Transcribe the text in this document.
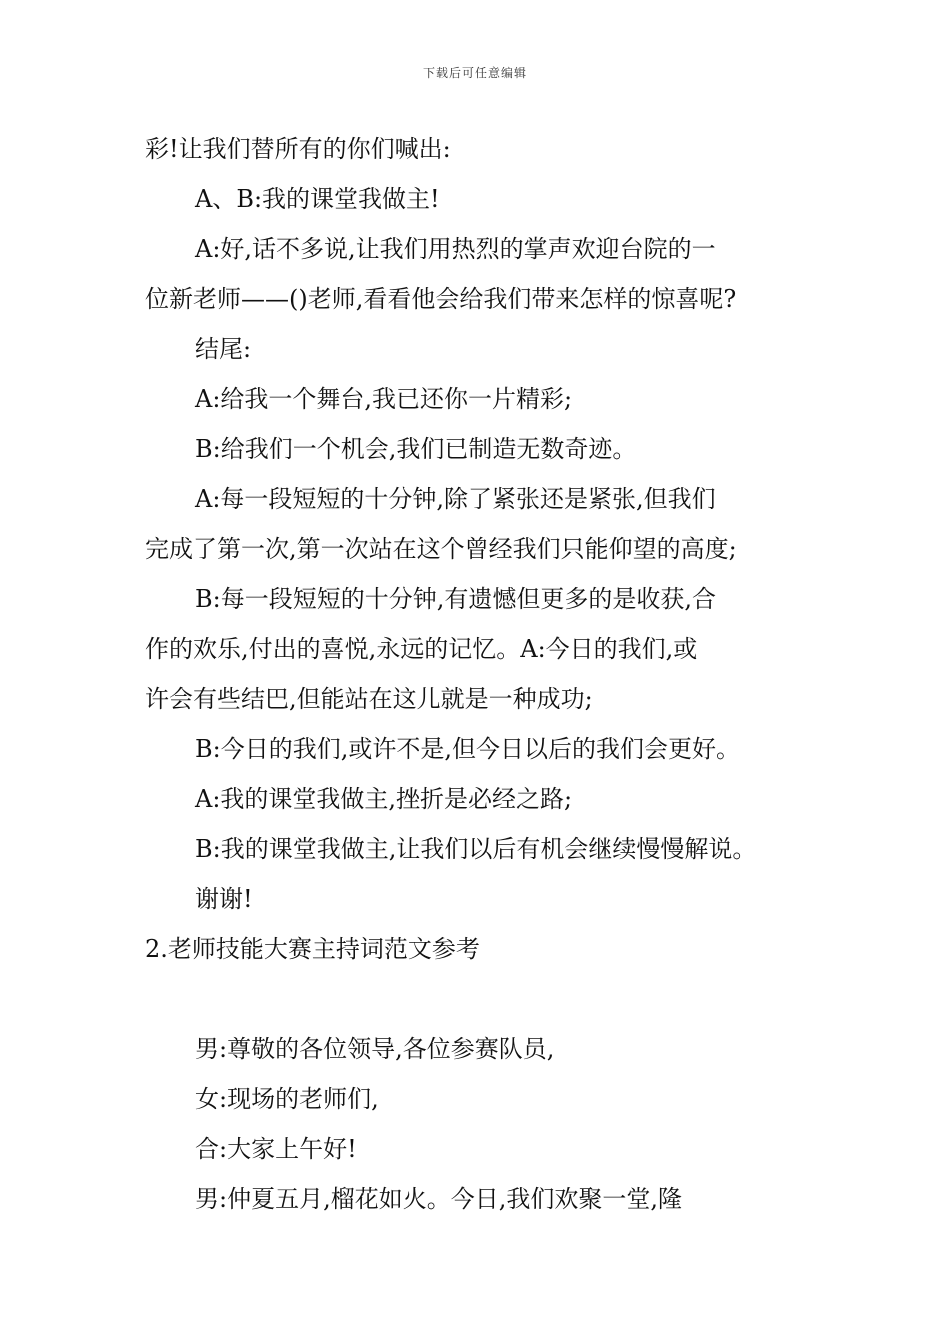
下载后可任意编辑
彩!让我们替所有的你们喊出:
A、B:我的课堂我做主!
A:好,话不多说,让我们用热烈的掌声欢迎台院的一
位新老师——()老师,看看他会给我们带来怎样的惊喜呢?
结尾:
A:给我一个舞台,我已还你一片精彩;
B:给我们一个机会,我们已制造无数奇迹。
A:每一段短短的十分钟,除了紧张还是紧张,但我们
完成了第一次,第一次站在这个曾经我们只能仰望的高度;
B:每一段短短的十分钟,有遗憾但更多的是收获,合
作的欢乐,付出的喜悦,永远的记忆。A:今日的我们,或
许会有些结巴,但能站在这儿就是一种成功;
B:今日的我们,或许不是,但今日以后的我们会更好。
A:我的课堂我做主,挫折是必经之路;
B:我的课堂我做主,让我们以后有机会继续慢慢解说。
谢谢!
2.老师技能大赛主持词范文参考
男:尊敬的各位领导,各位参赛队员,
女:现场的老师们,
合:大家上午好!
男:仲夏五月,榴花如火。今日,我们欢聚一堂,隆
